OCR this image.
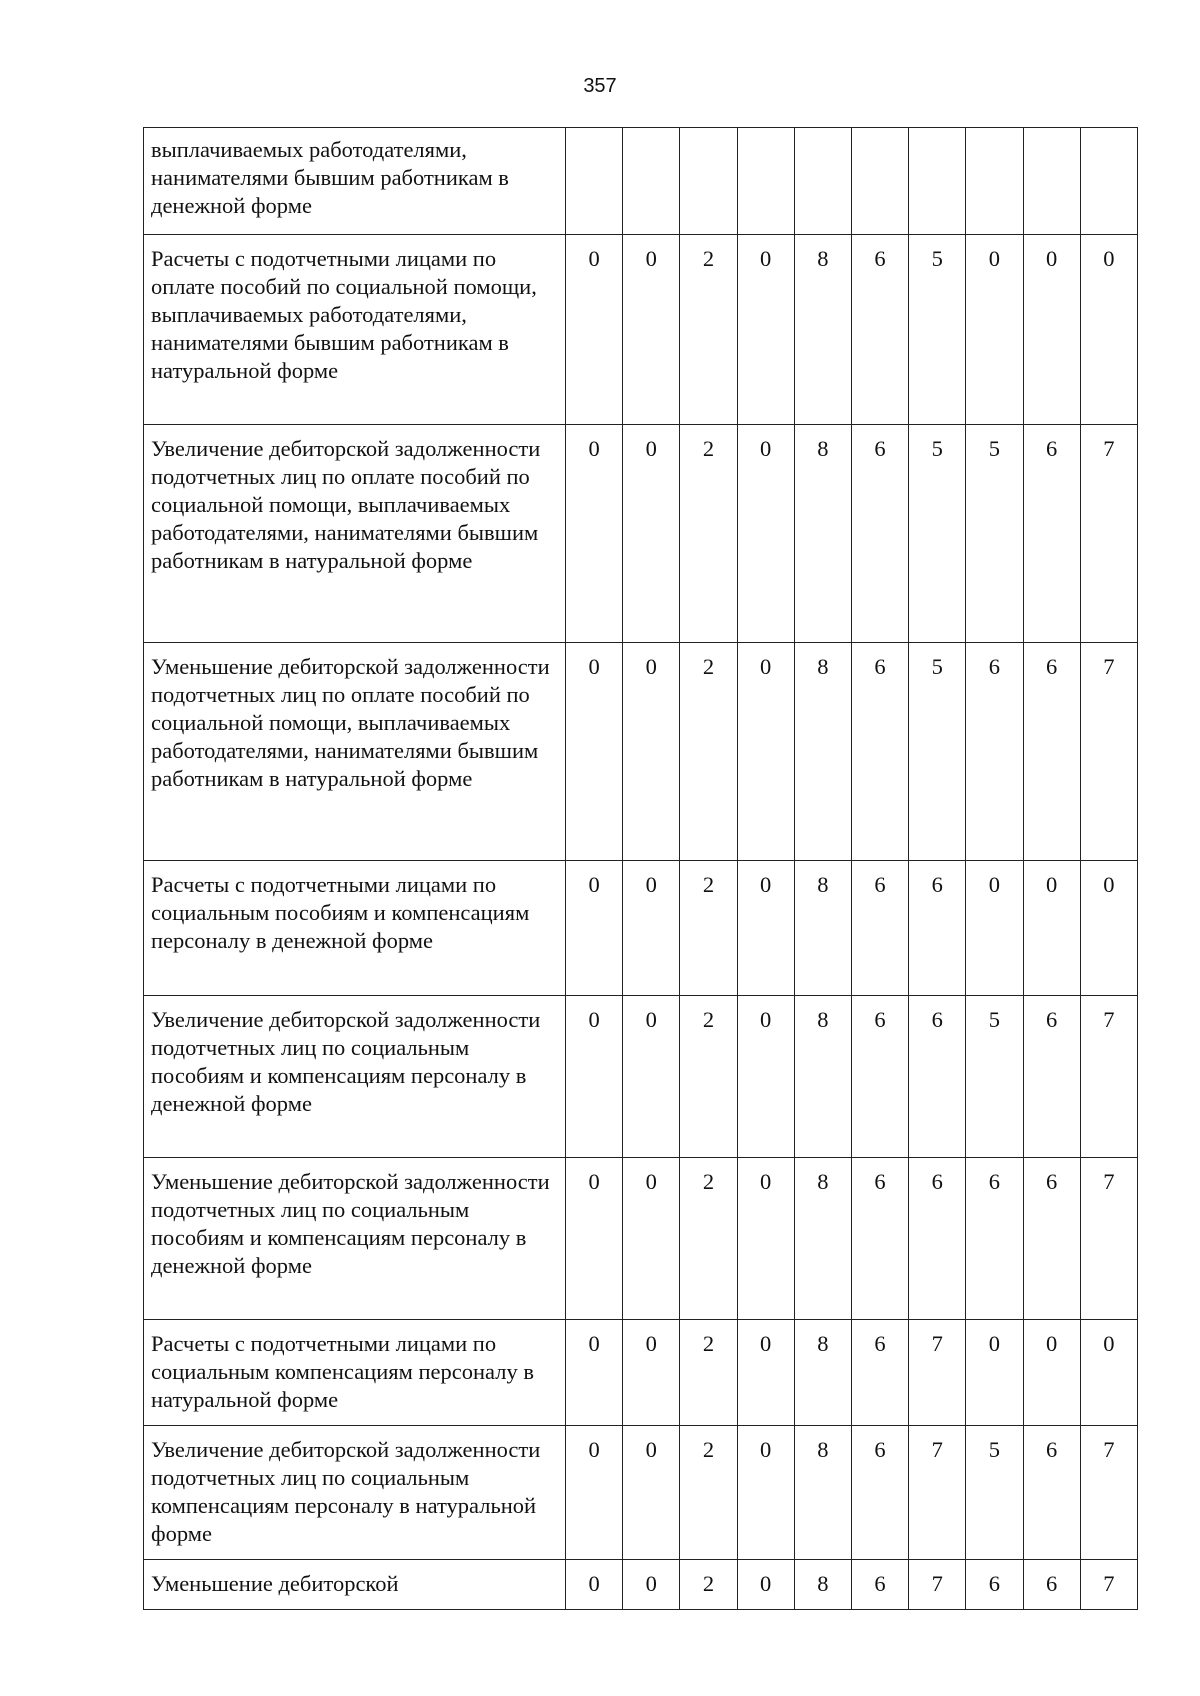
357
выплачиваемых работодателями, нанимателями бывшим работникам в денежной форме										
Расчеты с подотчетными лицами по оплате пособий по социальной помощи, выплачиваемых работодателями, нанимателями бывшим работникам в натуральной форме	0	0	2	0	8	6	5	0	0	0
Увеличение дебиторской задолженности подотчетных лиц по оплате пособий по социальной помощи, выплачиваемых работодателями, нанимателями бывшим работникам в натуральной форме	0	0	2	0	8	6	5	5	6	7
Уменьшение дебиторской задолженности подотчетных лиц по оплате пособий по социальной помощи, выплачиваемых работодателями, нанимателями бывшим работникам в натуральной форме	0	0	2	0	8	6	5	6	6	7
Расчеты с подотчетными лицами по социальным пособиям и компенсациям персоналу в денежной форме	0	0	2	0	8	6	6	0	0	0
Увеличение дебиторской задолженности подотчетных лиц по социальным пособиям и компенсациям персоналу в денежной форме	0	0	2	0	8	6	6	5	6	7
Уменьшение дебиторской задолженности подотчетных лиц по социальным пособиям и компенсациям персоналу в денежной форме	0	0	2	0	8	6	6	6	6	7
Расчеты с подотчетными лицами по социальным компенсациям персоналу в натуральной форме	0	0	2	0	8	6	7	0	0	0
Увеличение дебиторской задолженности подотчетных лиц по социальным компенсациям персоналу в натуральной форме	0	0	2	0	8	6	7	5	6	7
Уменьшение дебиторской	0	0	2	0	8	6	7	6	6	7
